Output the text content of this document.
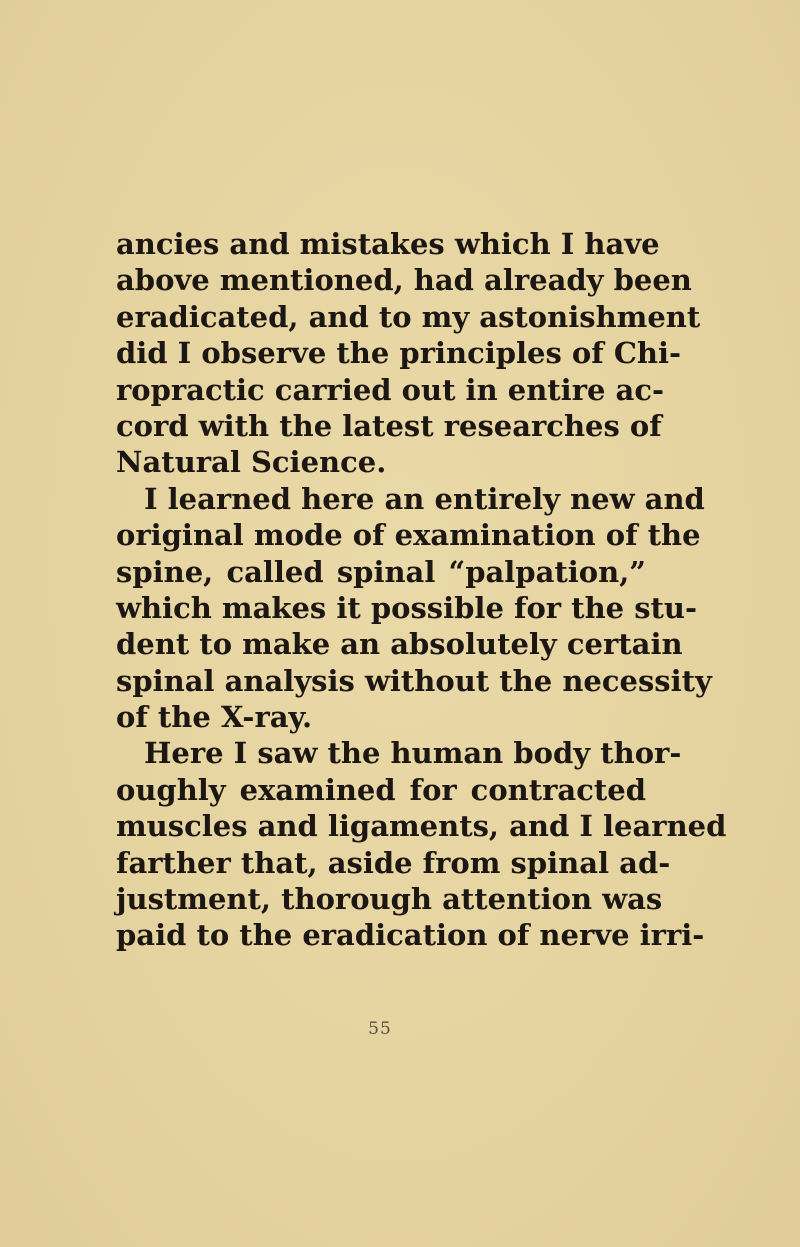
ancies and mistakes which I have
above mentioned, had already been
eradicated, and to my astonishment
did I observe the principles of Chi-
ropractic carried out in entire ac-
cord with the latest researches of
Natural Science.
I learned here an entirely new and
original mode of examination of the
spine, called spinal “palpation,”
which makes it possible for the stu-
dent to make an absolutely certain
spinal analysis without the necessity
of the X-ray.
Here I saw the human body thor-
oughly examined for contracted
muscles and ligaments, and I learned
farther that, aside from spinal ad-
justment, thorough attention was
paid to the eradication of nerve irri-
55
